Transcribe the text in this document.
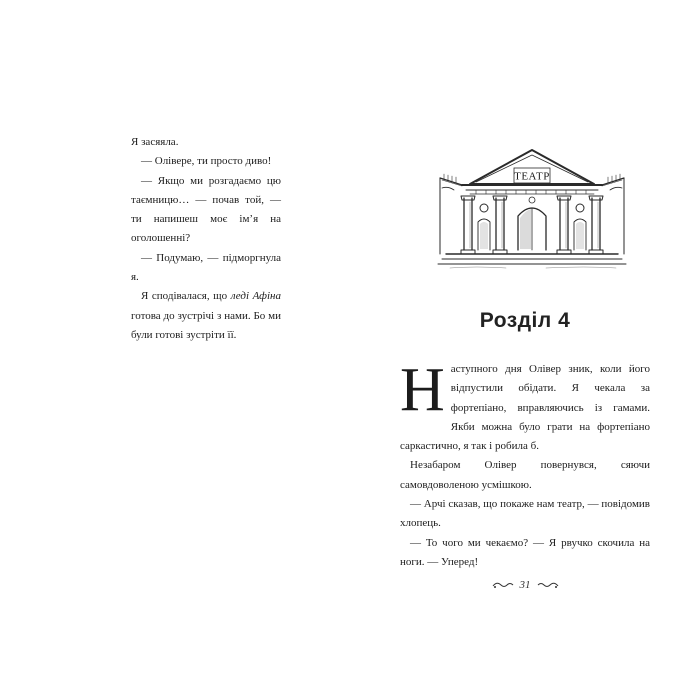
Я засяяла.

— Олівере, ти просто диво!

— Якщо ми розгадаємо цю таємницю… — почав той, — ти напишеш моє ім’я на оголошенні?

— Подумаю, — підморгнула я.

Я сподівалася, що леді Афіна готова до зустрічі з нами. Бо ми були готові зустріти її.

ТЕАТР
Розділ 4

Наступного дня Олівер зник, коли його відпустили обідати. Я чекала за фортепіано, вправляючись із гамами. Якби можна було грати на фортепіано саркастично, я так і робила б.

Незабаром Олівер повернувся, сяючи самовдоволеною усмішкою.

— Арчі сказав, що покаже нам театр, — повідомив хлопець.

— То чого ми чекаємо? — Я рвучко скочила на ноги. — Уперед!

31
